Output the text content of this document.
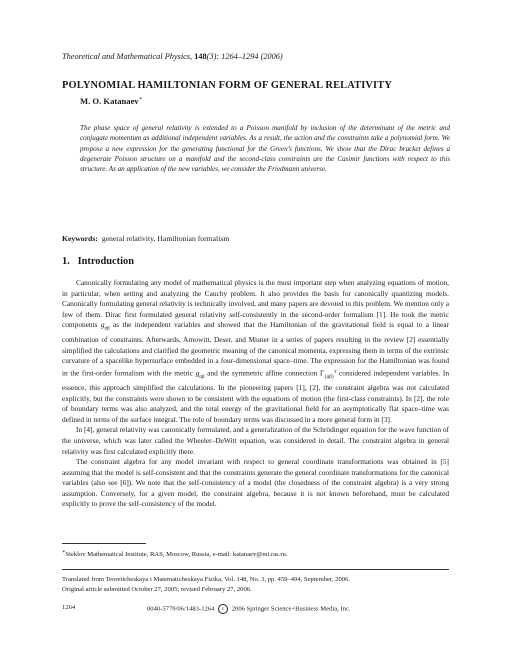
Theoretical and Mathematical Physics, 148(3): 1264–1294 (2006)
POLYNOMIAL HAMILTONIAN FORM OF GENERAL RELATIVITY
M. O. Katanaev∗
The phase space of general relativity is extended to a Poisson manifold by inclusion of the determinant of the metric and conjugate momentum as additional independent variables. As a result, the action and the constraints take a polynomial form. We propose a new expression for the generating functional for the Green’s functions. We show that the Dirac bracket defines a degenerate Poisson structure on a manifold and the second-class constraints are the Casimir functions with respect to this structure. As an application of the new variables, we consider the Friedmann universe.
Keywords: general relativity, Hamiltonian formalism
1. Introduction

Canonically formulating any model of mathematical physics is the most important step when analyzing equations of motion, in particular, when setting and analyzing the Cauchy problem. It also provides the basis for canonically quantizing models. Canonically formulating general relativity is technically involved, and many papers are devoted to this problem. We mention only a few of them. Dirac first formulated general relativity self-consistently in the second-order formalism [1]. He took the metric components $g_{\alpha\beta}$ as the independent variables and showed that the Hamiltonian of the gravitational field is equal to a linear combination of constraints. Afterwards, Arnowitt, Deser, and Misner in a series of papers resulting in the review [2] essentially simplified the calculations and clarified the geometric meaning of the canonical momenta, expressing them in terms of the extrinsic curvature of a spacelike hypersurface embedded in a four-dimensional space–time. The expression for the Hamiltonian was found in the first-order formalism with the metric $g_{\alpha\beta}$ and the symmetric affine connection $\Gamma_{\{\alpha\beta\}}^\gamma$ considered independent variables. In essence, this approach simplified the calculations. In the pioneering papers [1], [2], the constraint algebra was not calculated explicitly, but the constraints were shown to be consistent with the equations of motion (the first-class constraints). In [2], the role of boundary terms was also analyzed, and the total energy of the gravitational field for an asymptotically flat space–time was defined in terms of the surface integral. The role of boundary terms was discussed in a more general form in [3].

In [4], general relativity was canonically formulated, and a generalization of the Schrödinger equation for the wave function of the universe, which was later called the Wheeler–DeWitt equation, was considered in detail. The constraint algebra in general relativity was first calculated explicitly there.

The constraint algebra for any model invariant with respect to general coordinate transformations was obtained in [5] assuming that the model is self-consistent and that the constraints generate the general coordinate transformations for the canonical variables (also see [6]). We note that the self-consistency of a model (the closedness of the constraint algebra) is a very strong assumption. Conversely, for a given model, the constraint algebra, because it is not known beforehand, must be calculated explicitly to prove the self-consistency of the model.

∗Steklov Mathematical Institute, RAS, Moscow, Russia, e-mail: katanaev@mi.ras.ru.
Translated from Teoreticheskaya i Matematicheskaya Fizika, Vol. 148, No. 3, pp. 459–494, September, 2006.
Original article submitted October 27, 2005; revised February 27, 2006.
1264	0040-5779/06/1483-1264 c 2006 Springer Science+Business Media, Inc.
